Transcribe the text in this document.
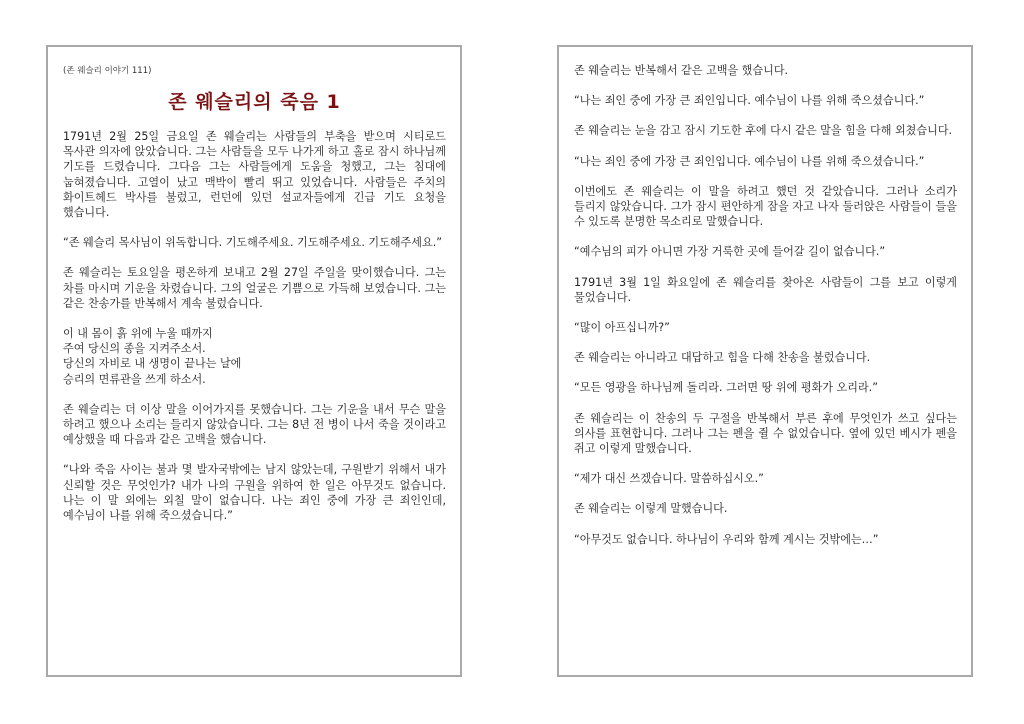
(존 웨슬리 이야기 111)
존 웨슬리의 죽음 1

1791년 2월 25일 금요일 존 웨슬리는 사람들의 부축을 받으며 시티로드 목사관 의자에 앉았습니다. 그는 사람들을 모두 나가게 하고 홀로 잠시 하나님께 기도를 드렸습니다. 그다음 그는 사람들에게 도움을 청했고, 그는 침대에 눕혀졌습니다. 고열이 났고 맥박이 빨리 뛰고 있었습니다. 사람들은 주치의 화이트헤드 박사를 불렀고, 런던에 있던 설교자들에게 긴급 기도 요청을 했습니다.

“존 웨슬리 목사님이 위독합니다. 기도해주세요. 기도해주세요. 기도해주세요.”

존 웨슬리는 토요일을 평온하게 보내고 2월 27일 주일을 맞이했습니다. 그는 차를 마시며 기운을 차렸습니다. 그의 얼굴은 기쁨으로 가득해 보였습니다. 그는 같은 찬송가를 반복해서 계속 불렀습니다.

이 내 몸이 흙 위에 누울 때까지
주여 당신의 종을 지켜주소서.
당신의 자비로 내 생명이 끝나는 날에
승리의 면류관을 쓰게 하소서.

존 웨슬리는 더 이상 말을 이어가지를 못했습니다. 그는 기운을 내서 무슨 말을 하려고 했으나 소리는 들리지 않았습니다. 그는 8년 전 병이 나서 죽을 것이라고 예상했을 때 다음과 같은 고백을 했습니다.

“나와 죽음 사이는 불과 몇 발자국밖에는 남지 않았는데, 구원받기 위해서 내가 신뢰할 것은 무엇인가? 내가 나의 구원을 위하여 한 일은 아무것도 없습니다. 나는 이 말 외에는 외칠 말이 없습니다. 나는 죄인 중에 가장 큰 죄인인데, 예수님이 나를 위해 죽으셨습니다.”

존 웨슬리는 반복해서 같은 고백을 했습니다.

“나는 죄인 중에 가장 큰 죄인입니다. 예수님이 나를 위해 죽으셨습니다.”

존 웨슬리는 눈을 감고 잠시 기도한 후에 다시 같은 말을 힘을 다해 외쳤습니다.

“나는 죄인 중에 가장 큰 죄인입니다. 예수님이 나를 위해 죽으셨습니다.”

이번에도 존 웨슬리는 이 말을 하려고 했던 것 같았습니다. 그러나 소리가 들리지 않았습니다. 그가 잠시 편안하게 잠을 자고 나자 둘러앉은 사람들이 들을 수 있도록 분명한 목소리로 말했습니다.

“예수님의 피가 아니면 가장 거룩한 곳에 들어갈 길이 없습니다.”

1791년 3월 1일 화요일에 존 웨슬리를 찾아온 사람들이 그를 보고 이렇게 물었습니다.

“많이 아프십니까?”

존 웨슬리는 아니라고 대답하고 힘을 다해 찬송을 불렀습니다.

“모든 영광을 하나님께 돌리라. 그러면 땅 위에 평화가 오리라.”

존 웨슬리는 이 찬송의 두 구절을 반복해서 부른 후에 무엇인가 쓰고 싶다는 의사를 표현합니다. 그러나 그는 펜을 쥘 수 없었습니다. 옆에 있던 베시가 펜을 쥐고 이렇게 말했습니다.

“제가 대신 쓰겠습니다. 말씀하십시오.”

존 웨슬리는 이렇게 말했습니다.

“아무것도 없습니다. 하나님이 우리와 함께 계시는 것밖에는…”
